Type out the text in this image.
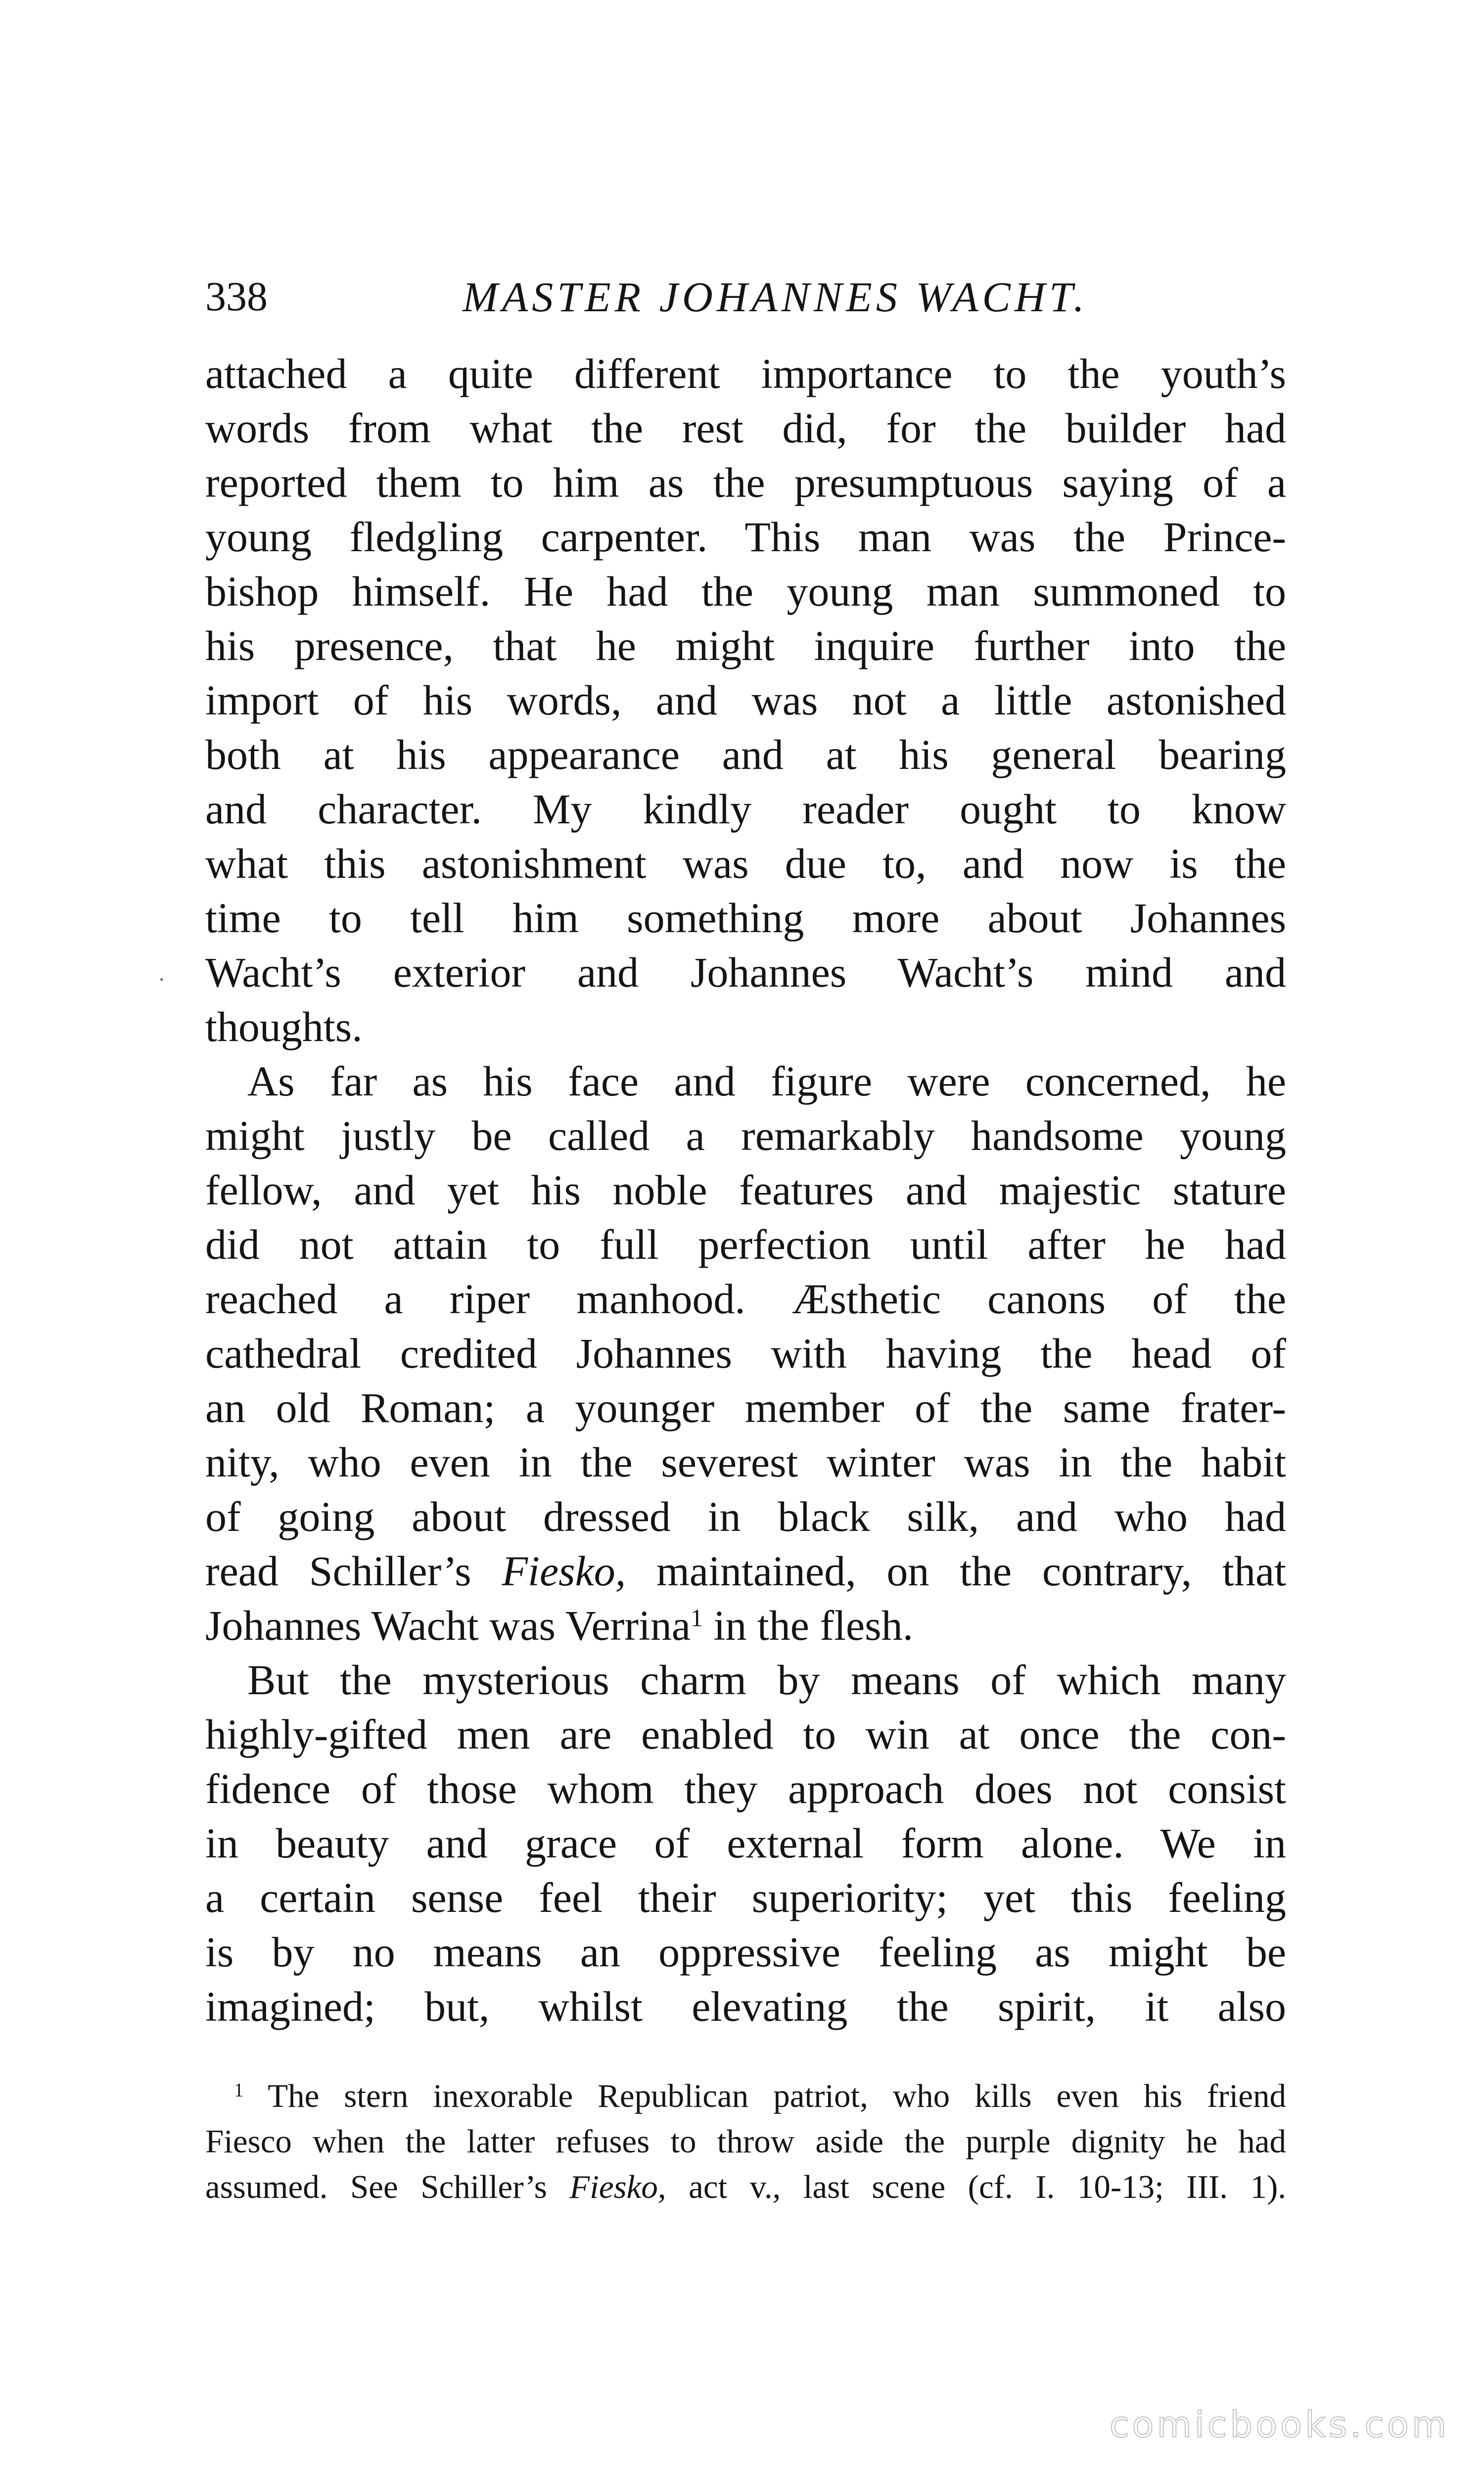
338	MASTER JOHANNES WACHT.
·
attached a quite different importance to the youth’s
words from what the rest did, for the builder had
reported them to him as the presumptuous saying of a
young fledgling carpenter. This man was the Prince-
bishop himself. He had the young man summoned to
his presence, that he might inquire further into the
import of his words, and was not a little astonished
both at his appearance and at his general bearing
and character. My kindly reader ought to know
what this astonishment was due to, and now is the
time to tell him something more about Johannes
Wacht’s exterior and Johannes Wacht’s mind and
thoughts.
As far as his face and figure were concerned, he
might justly be called a remarkably handsome young
fellow, and yet his noble features and majestic stature
did not attain to full perfection until after he had
reached a riper manhood. Æsthetic canons of the
cathedral credited Johannes with having the head of
an old Roman; a younger member of the same frater-
nity, who even in the severest winter was in the habit
of going about dressed in black silk, and who had
read Schiller’s Fiesko, maintained, on the contrary, that
Johannes Wacht was Verrina$^1$ in the flesh.
But the mysterious charm by means of which many
highly-gifted men are enabled to win at once the con-
fidence of those whom they approach does not consist
in beauty and grace of external form alone. We in
a certain sense feel their superiority; yet this feeling
is by no means an oppressive feeling as might be
imagined; but, whilst elevating the spirit, it also
$^1$ The stern inexorable Republican patriot, who kills even his friend
Fiesco when the latter refuses to throw aside the purple dignity he had
assumed. See Schiller’s Fiesko, act v., last scene (cf. I. 10-13; III. 1).
comicbooks.com
